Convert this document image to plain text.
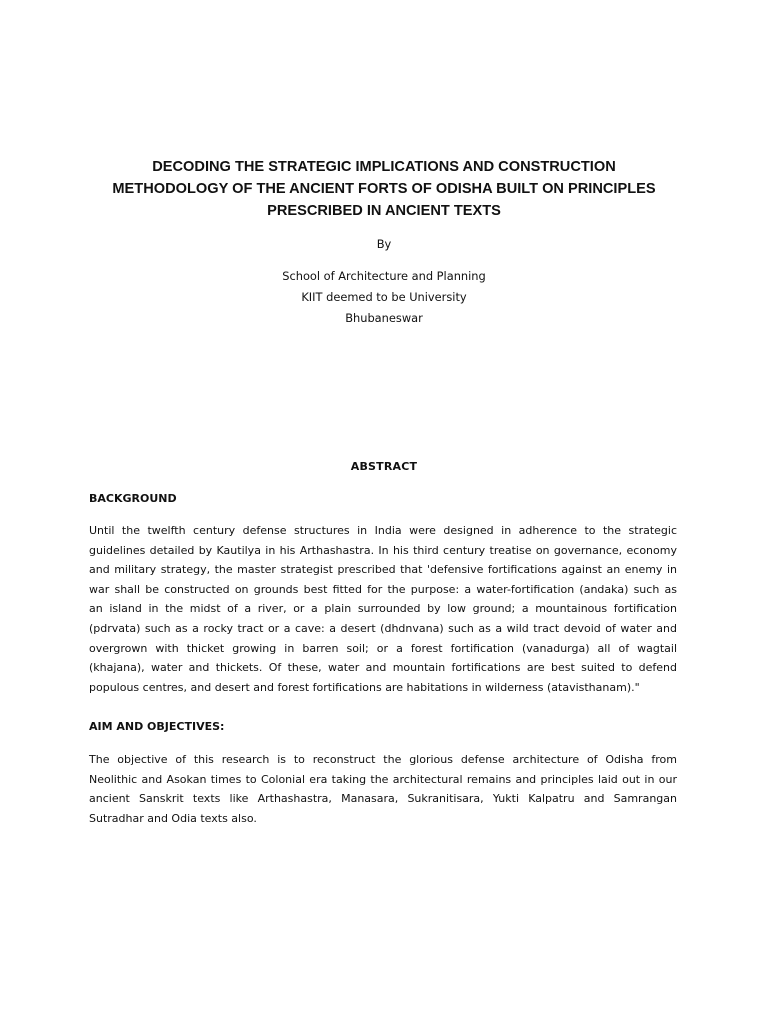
DECODING THE STRATEGIC IMPLICATIONS AND CONSTRUCTION
METHODOLOGY OF THE ANCIENT FORTS OF ODISHA BUILT ON PRINCIPLES
PRESCRIBED IN ANCIENT TEXTS
By
School of Architecture and Planning
KIIT deemed to be University
Bhubaneswar
ABSTRACT
BACKGROUND
Until the twelfth century defense structures in India were designed in adherence to the strategic
guidelines detailed by Kautilya in his Arthashastra. In his third century treatise on governance, economy
and military strategy, the master strategist prescribed that 'defensive fortifications against an enemy in
war shall be constructed on grounds best fitted for the purpose: a water-fortification (andaka) such as
an island in the midst of a river, or a plain surrounded by low ground; a mountainous fortification
(pdrvata) such as a rocky tract or a cave: a desert (dhdnvana) such as a wild tract devoid of water and
overgrown with thicket growing in barren soil; or a forest fortification (vanadurga) all of wagtail
(khajana), water and thickets. Of these, water and mountain fortifications are best suited to defend
populous centres, and desert and forest fortifications are habitations in wilderness (atavisthanam)."
AIM AND OBJECTIVES:
The objective of this research is to reconstruct the glorious defense architecture of Odisha from
Neolithic and Asokan times to Colonial era taking the architectural remains and principles laid out in our
ancient Sanskrit texts like Arthashastra, Manasara, Sukranitisara, Yukti Kalpatru and Samrangan
Sutradhar and Odia texts also.
